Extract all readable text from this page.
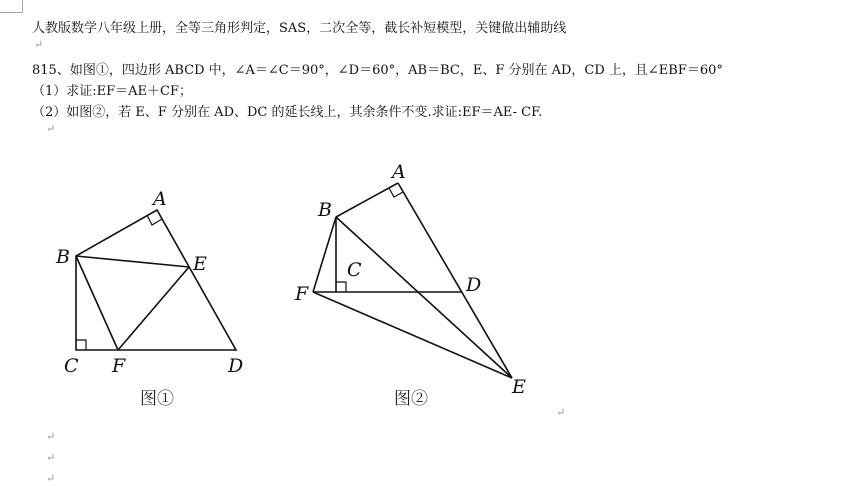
人教版数学八年级上册，全等三角形判定，SAS，二次全等，截长补短模型，关键做出辅助线
↵
815、如图①，四边形 ABCD 中，∠A＝∠C＝90°，∠D＝60°，AB＝BC，E、F 分别在 AD，CD 上，且∠EBF＝60°
（1）求证:EF＝AE＋CF；
（2）如图②，若 E、F 分别在 AD、DC 的延长线上，其余条件不变.求证:EF＝AE- CF.
↵
↵
↵
↵
↵
A
B	E
C F	D
图①
A
B
C
F	D
E
图②
